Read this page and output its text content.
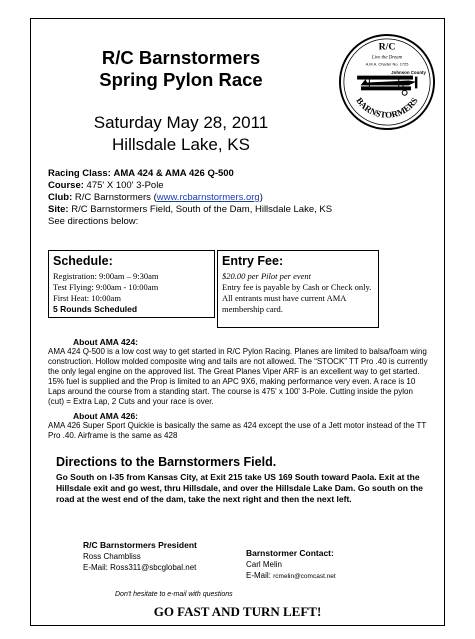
R/C Barnstormers
Spring Pylon Race
Saturday May 28, 2011
Hillsdale Lake, KS
R/C
Live the Dream
A.M.A. Charter No. 1725
Johnson County
BARNSTORMERS
Racing Class: AMA 424 & AMA 426 Q-500
Course: 475' X 100' 3-Pole
Club: R/C Barnstormers (www.rcbarnstormers.org)
Site: R/C Barnstormers Field, South of the Dam, Hillsdale Lake, KS
See directions below:
Schedule:
Registration: 9:00am – 9:30am
Test Flying: 9:00am - 10:00am
First Heat: 10:00am
5 Rounds Scheduled
Entry Fee:
$20.00 per Pilot per event
Entry fee is payable by Cash or Check only.
All entrants must have current AMA
membership card.
About AMA 424:
AMA 424 Q-500 is a low cost way to get started in R/C Pylon Racing. Planes are limited to balsa/foam wing construction. Hollow molded composite wing and tails are not allowed. The “STOCK” TT Pro .40 is currently the only legal engine on the approved list. The Great Planes Viper ARF is an excellent way to get started. 15% fuel is supplied and the Prop is limited to an APC 9X6, making performance very even. A race is 10 Laps around the course from a standing start. The course is 475' x 100' 3-Pole. Cutting inside the pylon (cut) = Extra Lap, 2 Cuts and your race is over.
About AMA 426:
AMA 426 Super Sport Quickie is basically the same as 424 except the use of a Jett motor instead of the TT Pro .40. Airframe is the same as 428
Directions to the Barnstormers Field.
Go South on I-35 from Kansas City, at Exit 215 take US 169 South toward Paola. Exit at the Hillsdale exit and go west, thru Hillsdale, and over the Hillsdale Lake Dam. Go south on the road at the west end of the dam, take the next right and then the next left.
R/C Barnstormers President
Ross Chambliss
E-Mail: Ross311@sbcglobal.net
Barnstormer Contact:
Carl Melin
E-Mail: rcmelin@comcast.net
Don't hesitate to e-mail with questions
GO FAST AND TURN LEFT!
